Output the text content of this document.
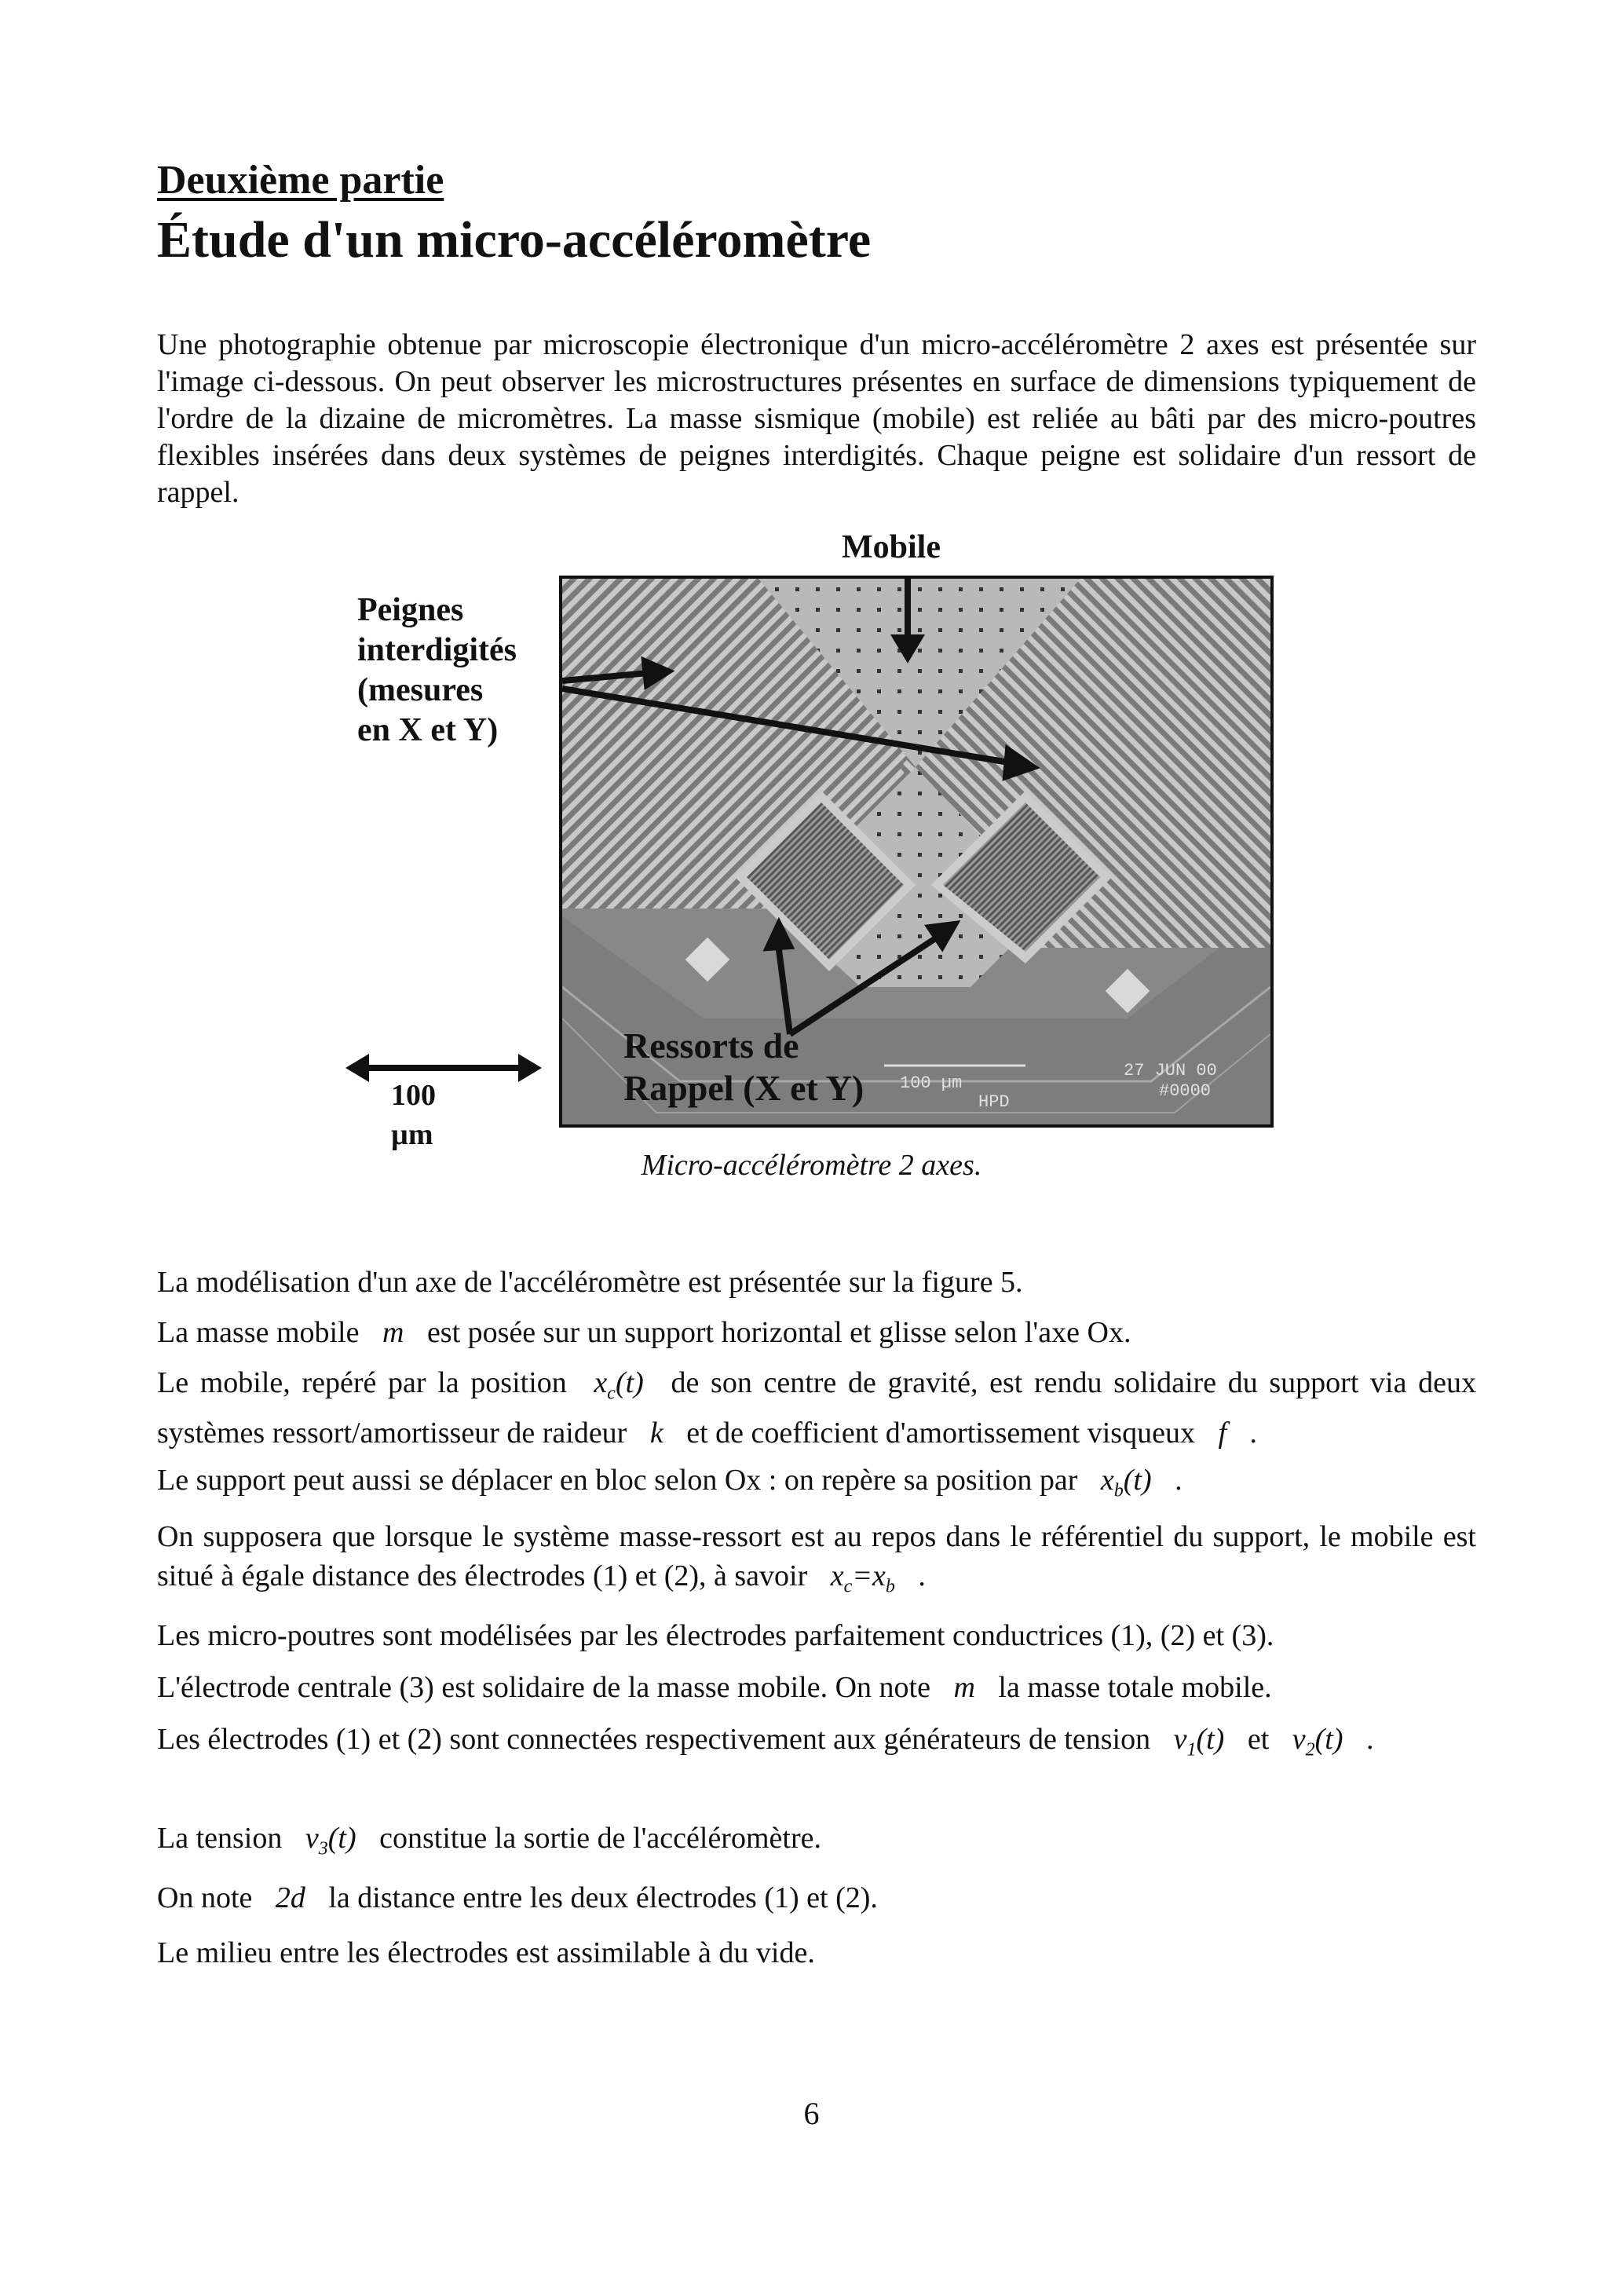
Deuxième partie
Étude d'un micro-accéléromètre

Une photographie obtenue par microscopie électronique d'un micro-accéléromètre 2 axes est présentée sur l'image ci-dessous. On peut observer les microstructures présentes en surface de dimensions typiquement de l'ordre de la dizaine de micromètres. La masse sismique (mobile) est reliée au bâti par des micro-poutres flexibles insérées dans deux systèmes de peignes interdigités. Chaque peigne est solidaire d'un ressort de rappel.

Mobile
Peignes
interdigités
(mesures
en X et Y)
100 µm
HPD
27 JUN 00
#0000
Ressorts de
Rappel (X et Y)
100 µm

Micro-accéléromètre 2 axes.

La modélisation d'un axe de l'accéléromètre est présentée sur la figure 5.

La masse mobile m est posée sur un support horizontal et glisse selon l'axe Ox.

Le mobile, repéré par la position $x_c(t)$ de son centre de gravité, est rendu solidaire du support via deux systèmes ressort/amortisseur de raideur k et de coefficient d'amortissement visqueux f .

Le support peut aussi se déplacer en bloc selon Ox : on repère sa position par $x_b(t)$ .

On supposera que lorsque le système masse-ressort est au repos dans le référentiel du support, le mobile est situé à égale distance des électrodes (1) et (2), à savoir $x_c=x_b$ .

Les micro-poutres sont modélisées par les électrodes parfaitement conductrices (1), (2) et (3).

L'électrode centrale (3) est solidaire de la masse mobile. On note m la masse totale mobile.

Les électrodes (1) et (2) sont connectées respectivement aux générateurs de tension $v_1(t)$ et $v_2(t)$ .

La tension $v_3(t)$ constitue la sortie de l'accéléromètre.

On note 2d la distance entre les deux électrodes (1) et (2).

Le milieu entre les électrodes est assimilable à du vide.

6
